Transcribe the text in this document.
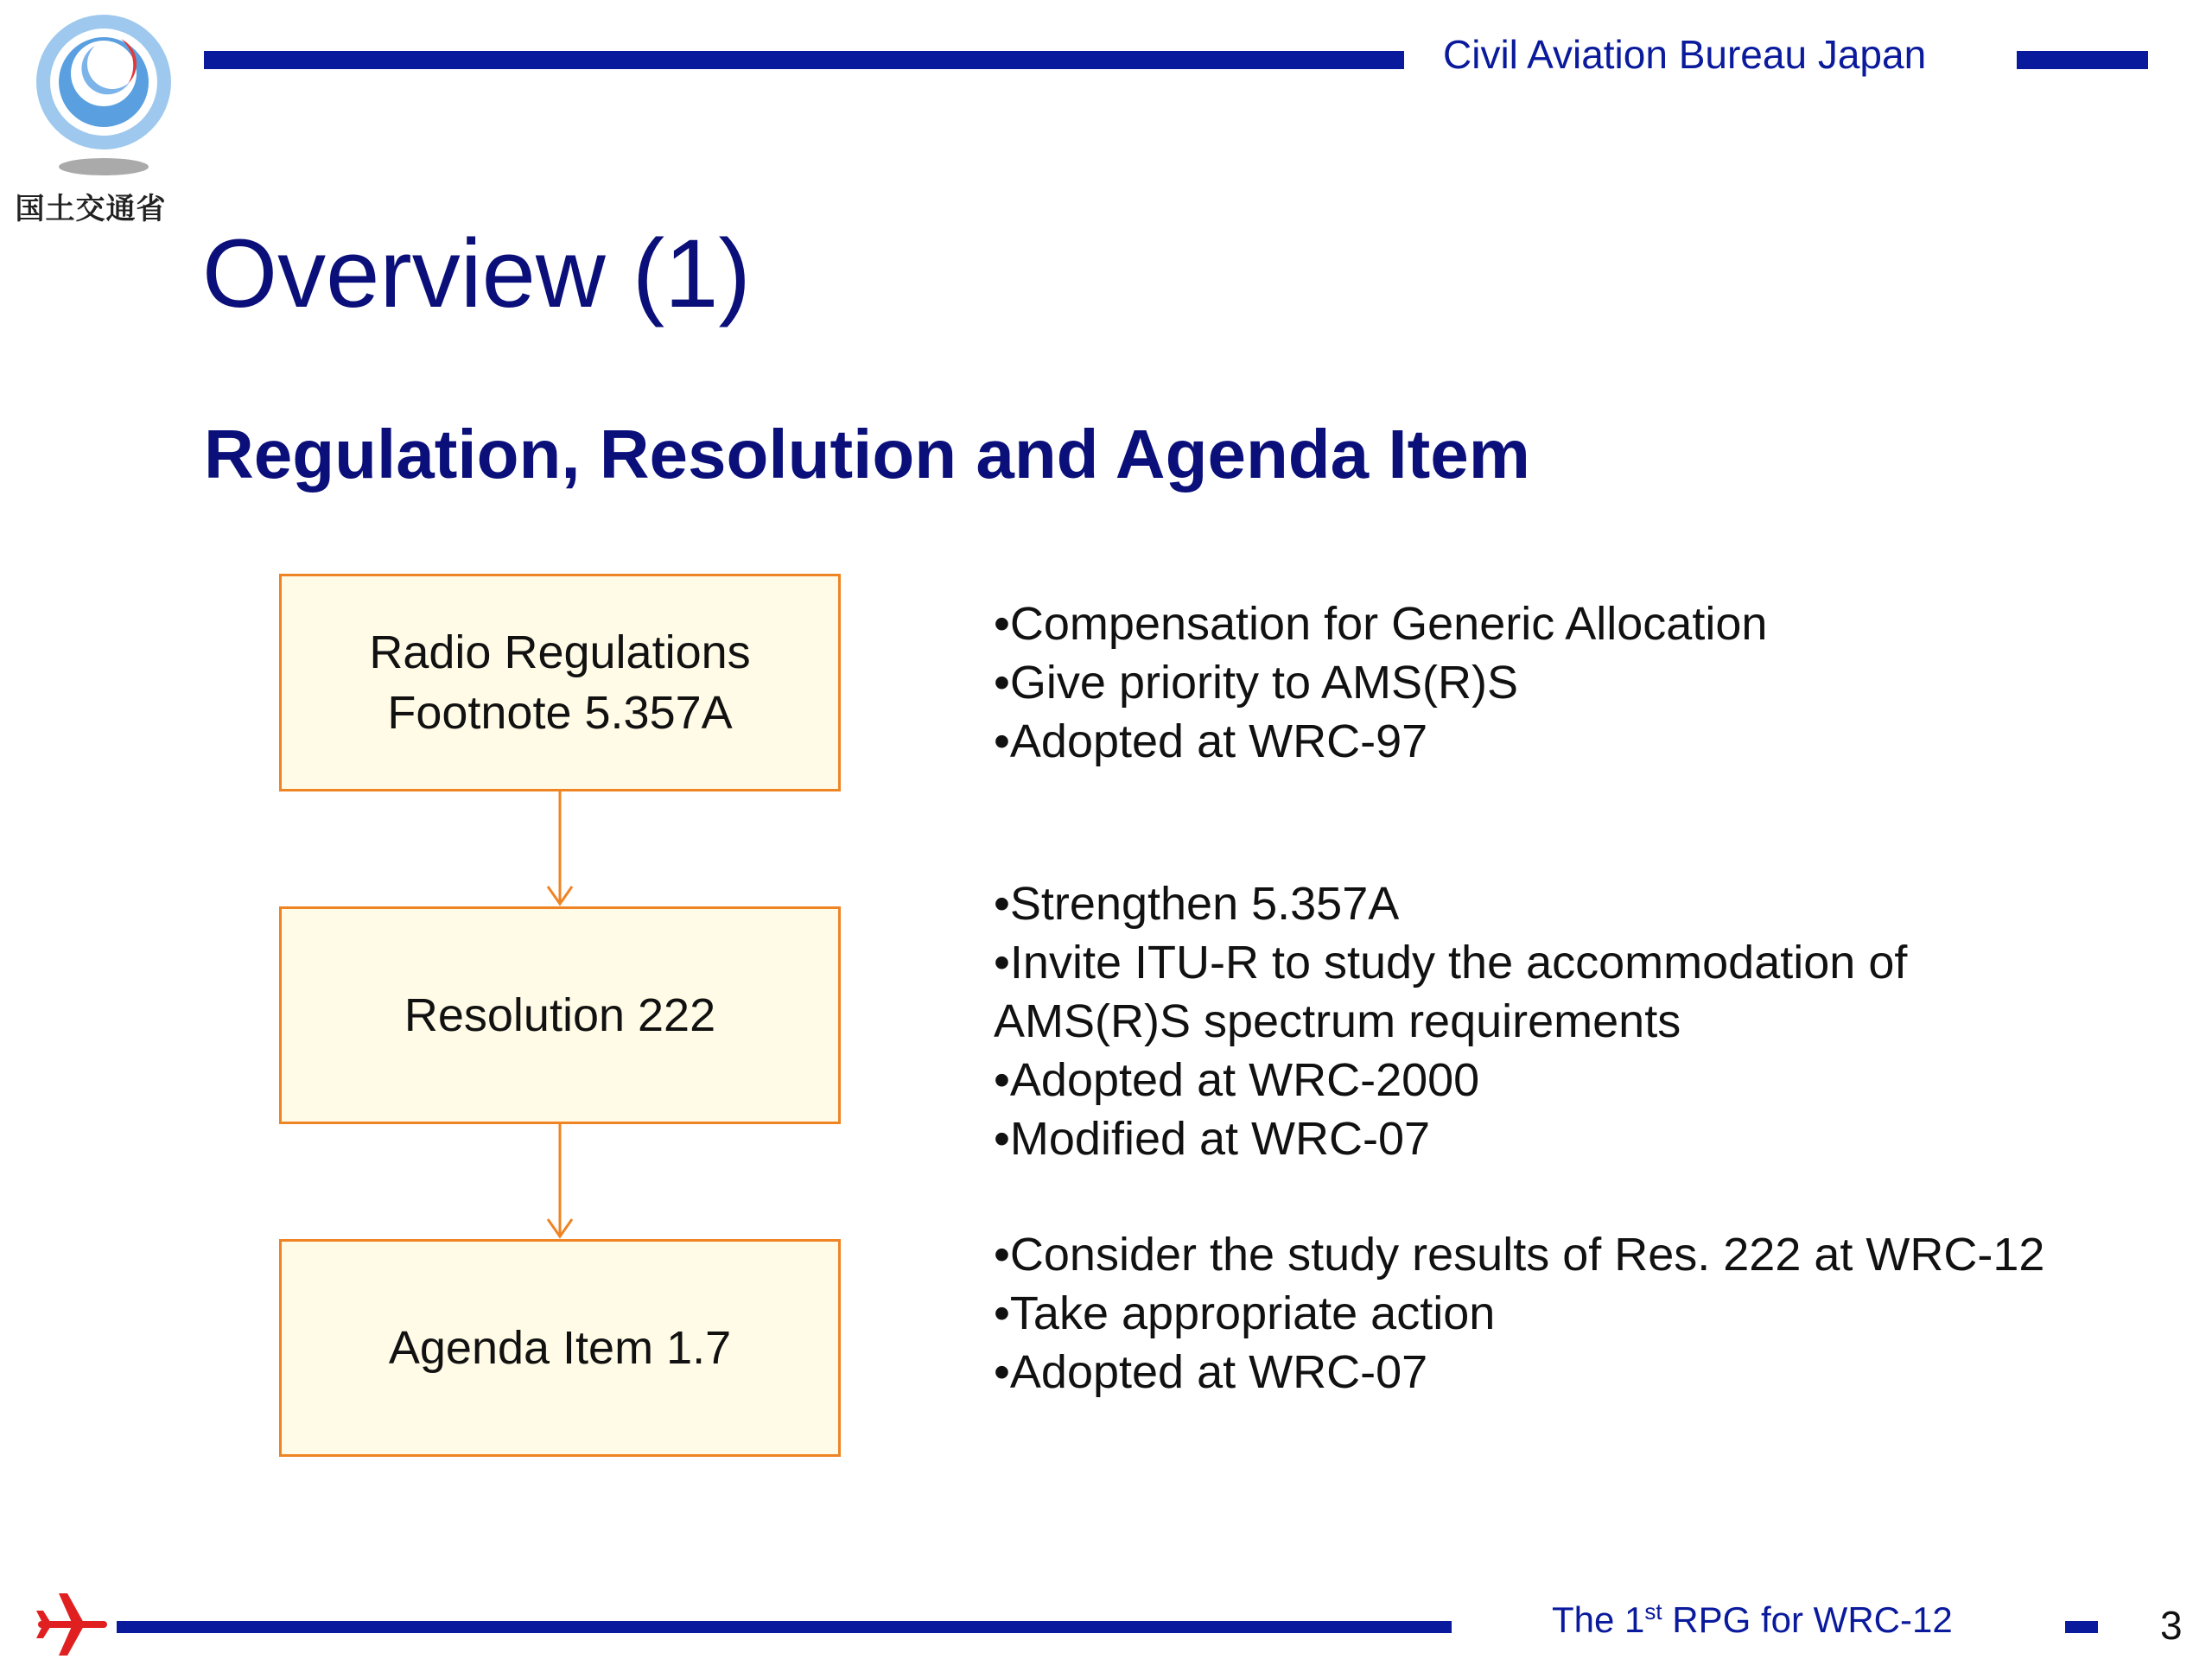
国土交通省
Civil Aviation Bureau Japan
Overview (1)
Regulation, Resolution and Agenda Item
Radio Regulations
Footnote 5.357A
Resolution 222
Agenda Item 1.7
•Compensation for Generic Allocation
•Give priority to AMS(R)S
•Adopted at WRC-97
•Strengthen 5.357A
•Invite ITU-R to study the accommodation of AMS(R)S spectrum requirements
•Adopted at WRC-2000
•Modified at WRC-07
•Consider the study results of Res. 222 at WRC-12
•Take appropriate action
•Adopted at WRC-07
The 1st RPG for WRC-12	3
